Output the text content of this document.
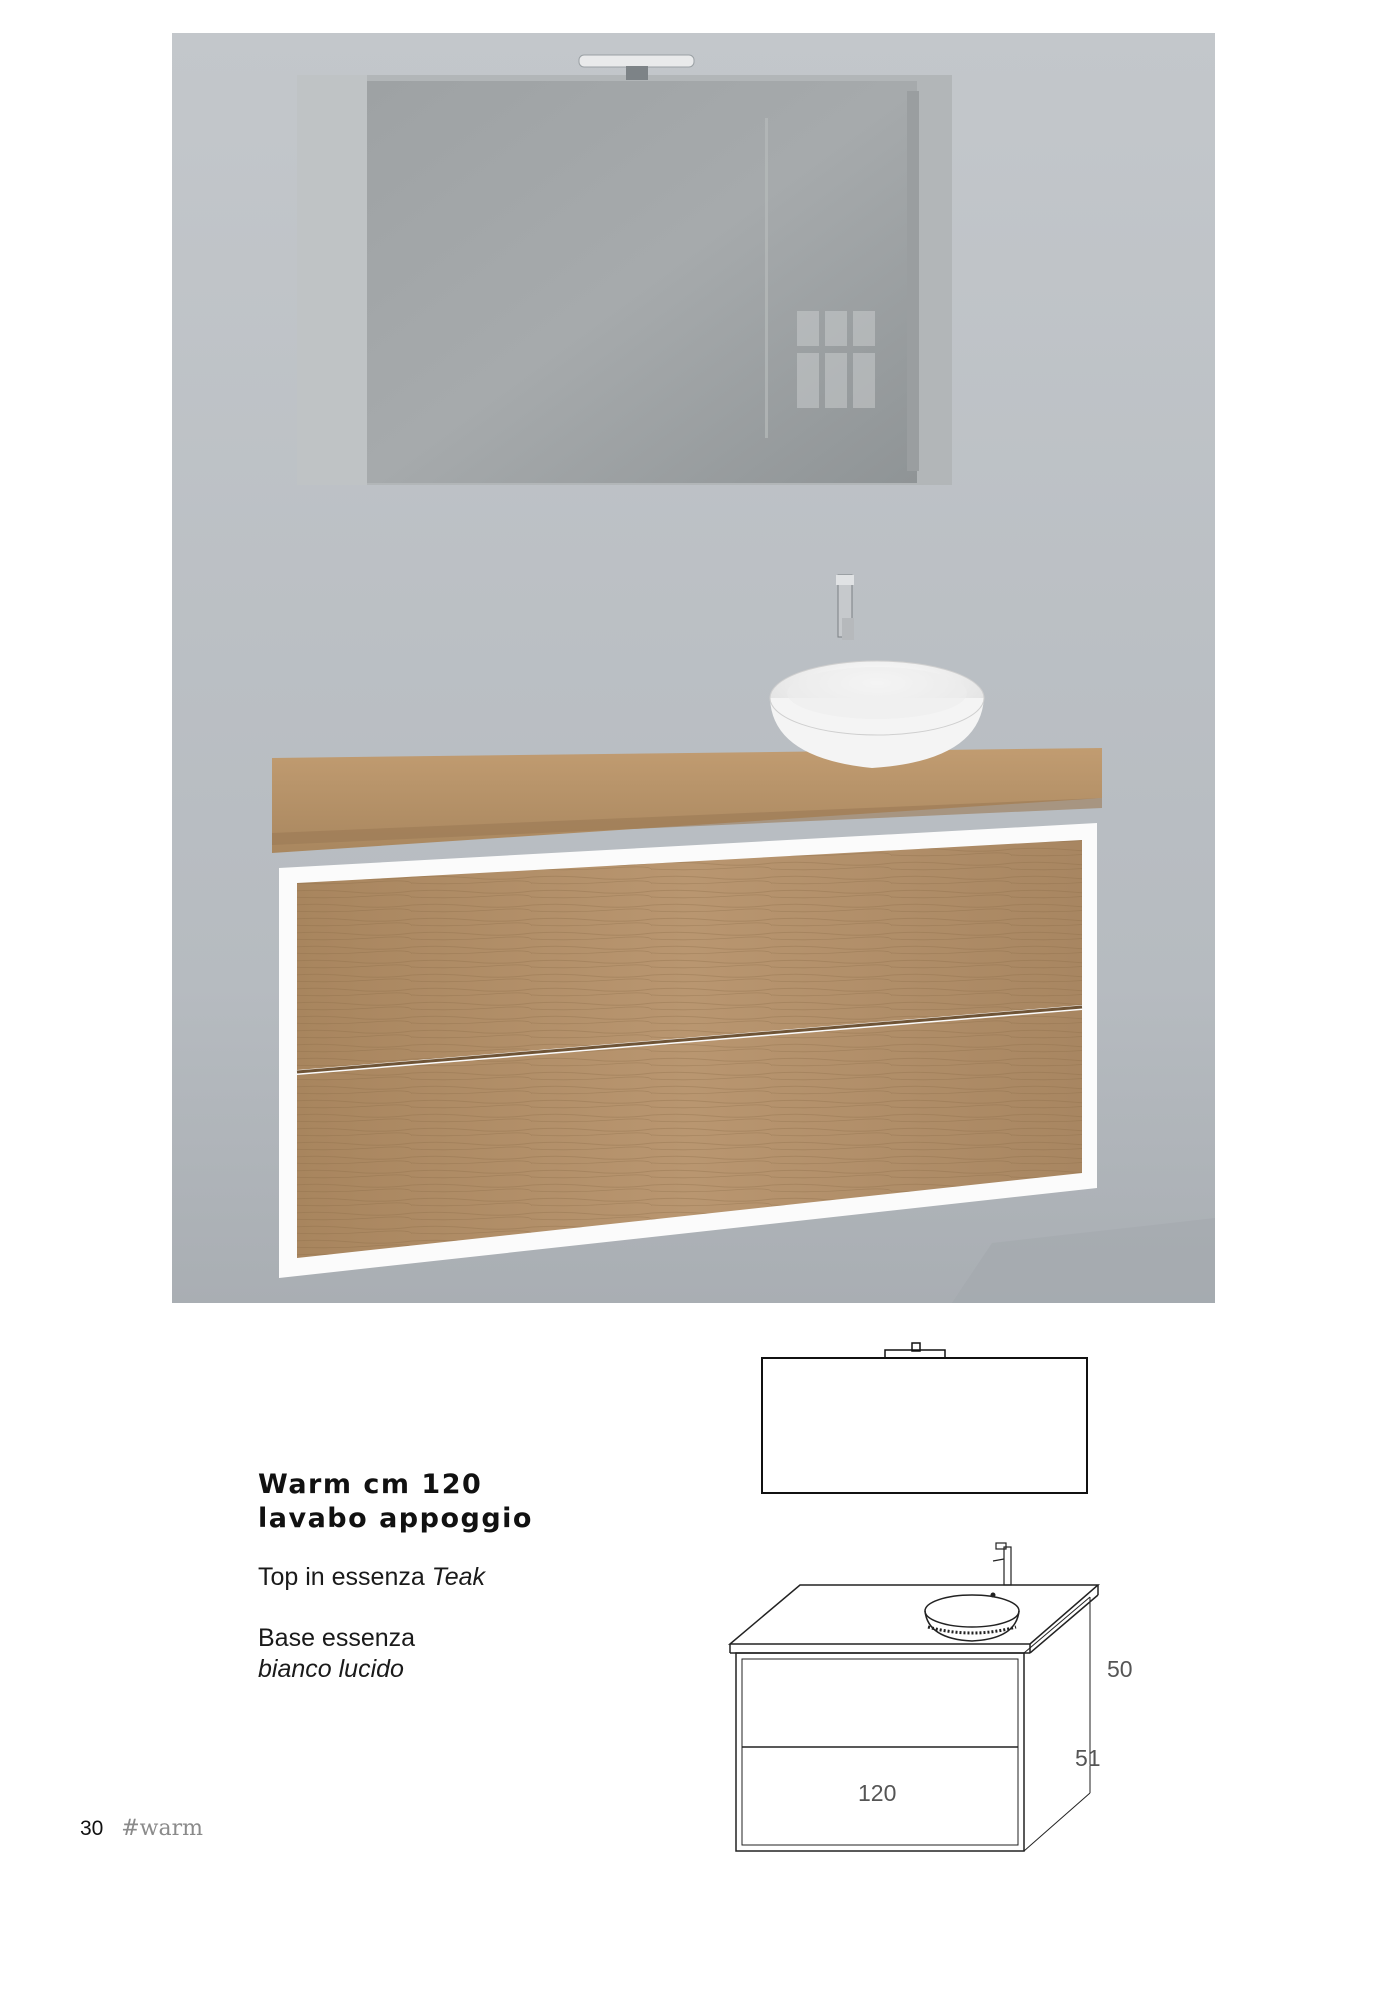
Warm cm 120
lavabo appoggio
Top in essenza Teak
Base essenza
bianco lucido	50
51
120
30 #warm
